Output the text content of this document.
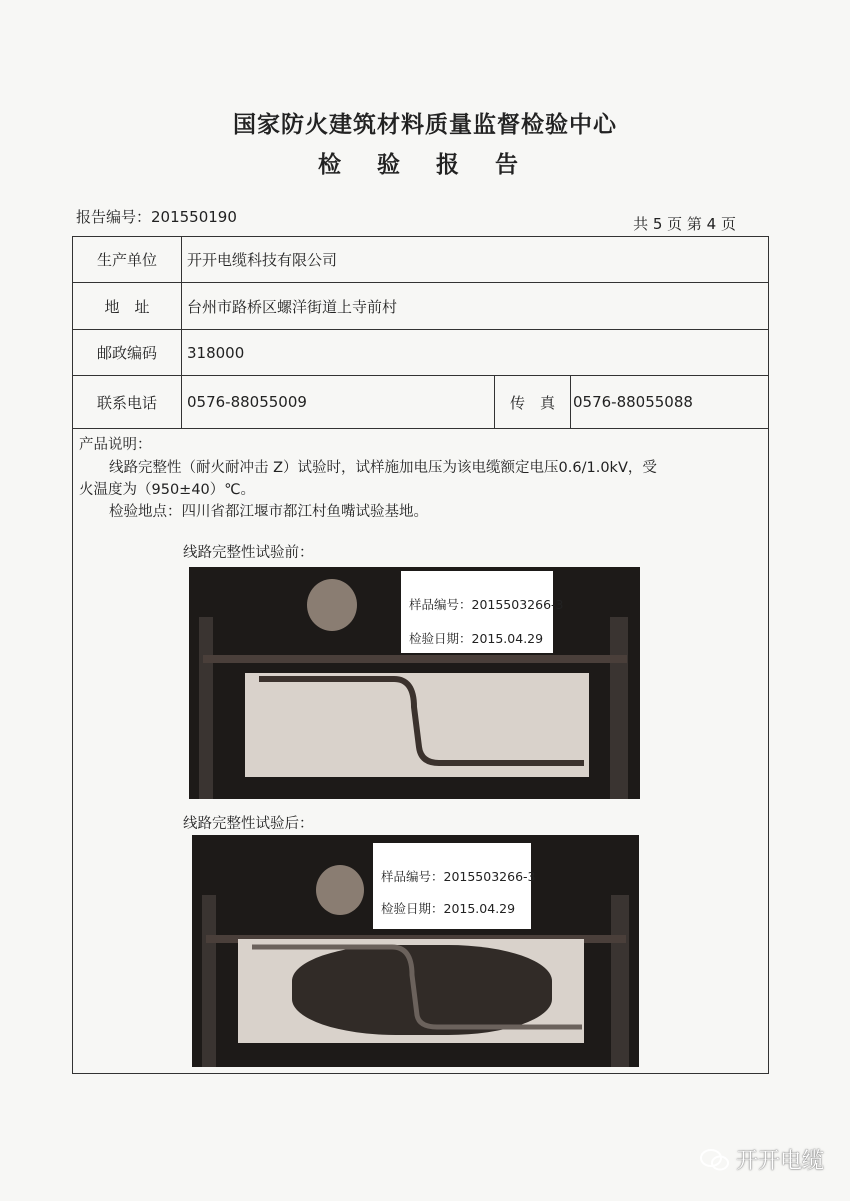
国家防火建筑材料质量监督检验中心
检 验 报 告
报告编号：201550190	共 5 页 第 4 页
生产单位	开开电缆科技有限公司
地　址	台州市路桥区螺洋街道上寺前村
邮政编码	318000
联系电话	0576-88055009	传　真	0576-88055088
产品说明：
线路完整性（耐火耐冲击 Z）试验时，试样施加电压为该电缆额定电压0.6/1.0kV，受
火温度为（950±40）℃。
检验地点：四川省都江堰市都江村鱼嘴试验基地。
线路完整性试验前：
样品编号：2015503266-3
检验日期：2015.04.29
线路完整性试验后：
样品编号：2015503266-3
检验日期：2015.04.29
开开电缆
